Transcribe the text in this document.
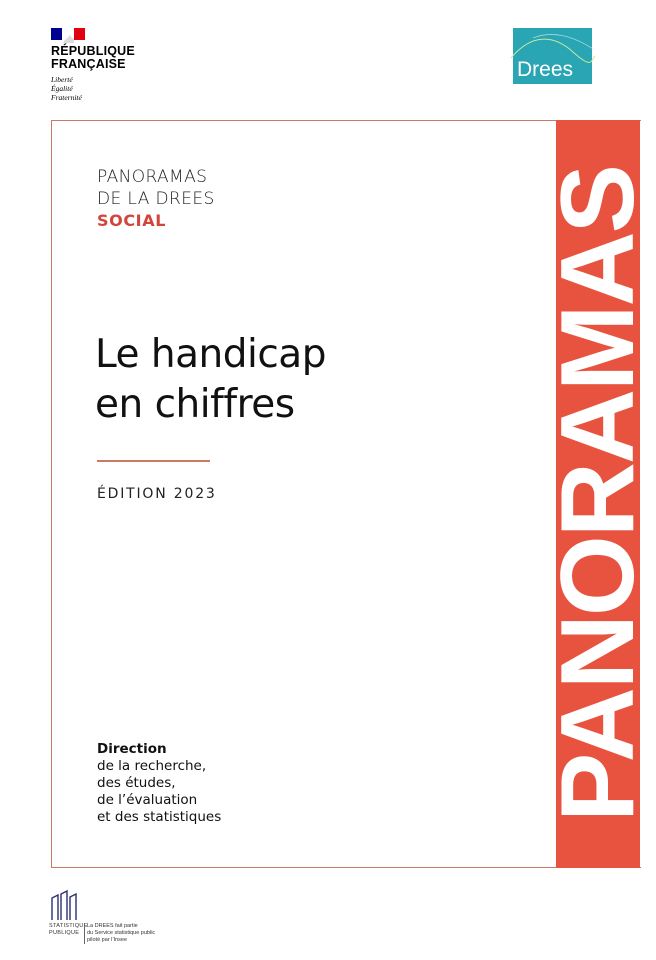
RÉPUBLIQUE
FRANÇAISE
Liberté
Égalité
Fraternité
Drees
PANORAMAS
PANORAMAS
DE LA DREES
SOCIAL
Le handicap
en chiffres
ÉDITION 2023
Direction
de la recherche,
des études,
de l’évaluation
et des statistiques
STATISTIQUE
PUBLIQUE
La DREES fait partie
du Service statistique public
piloté par l’Insee
